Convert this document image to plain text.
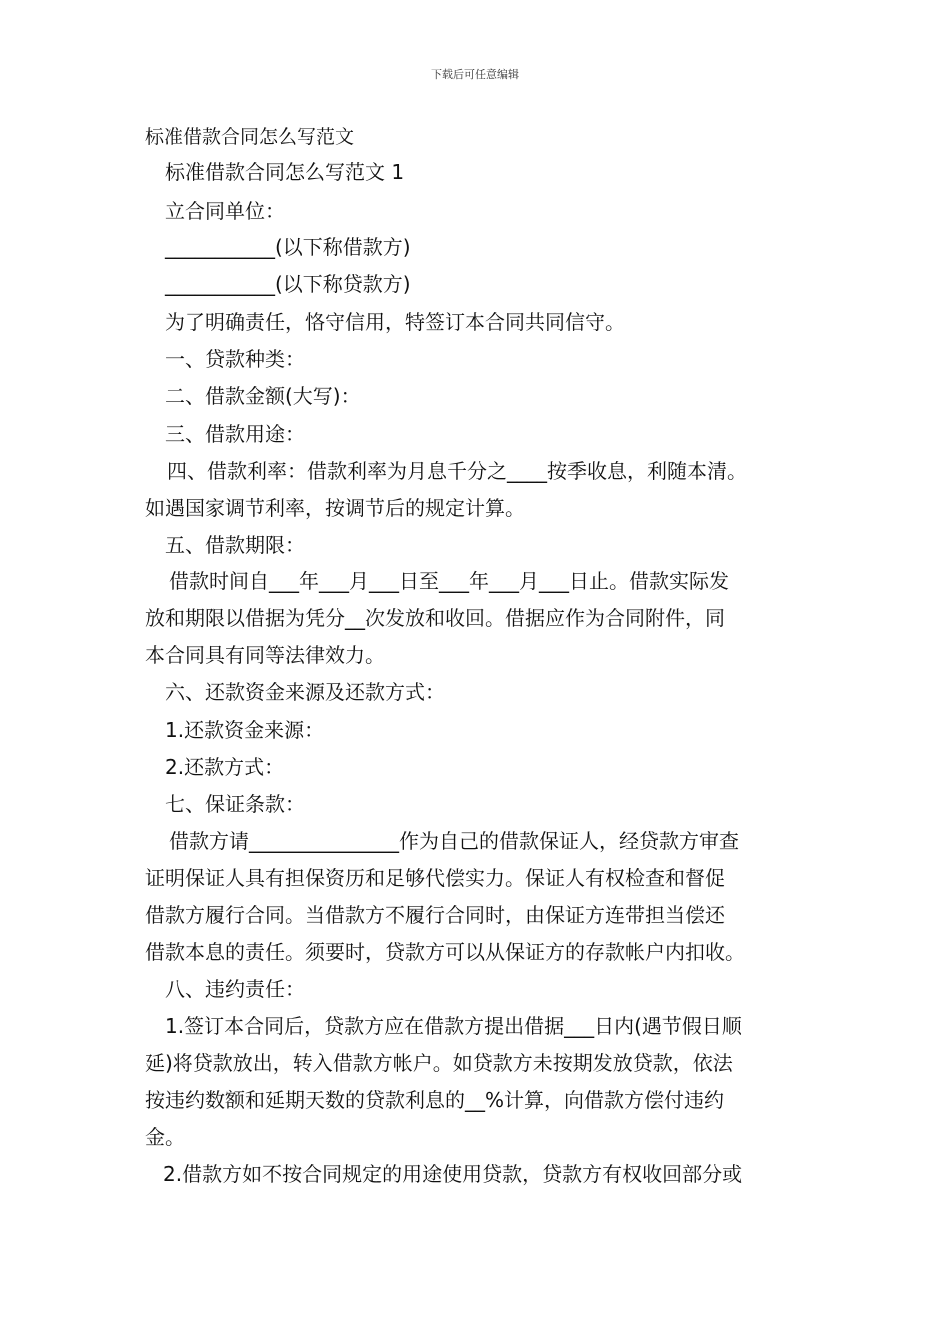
下载后可任意编辑
标准借款合同怎么写范文
标准借款合同怎么写范文 1
立合同单位：
___________(以下称借款方)
___________(以下称贷款方)
为了明确责任，恪守信用，特签订本合同共同信守。
一、贷款种类：
二、借款金额(大写)：
三、借款用途：
四、借款利率：借款利率为月息千分之____按季收息，利随本清。
如遇国家调节利率，按调节后的规定计算。
五、借款期限：
借款时间自___年___月___日至___年___月___日止。借款实际发
放和期限以借据为凭分__次发放和收回。借据应作为合同附件，同
本合同具有同等法律效力。
六、还款资金来源及还款方式：
1.还款资金来源：
2.还款方式：
七、保证条款：
借款方请_______________作为自己的借款保证人，经贷款方审查
证明保证人具有担保资历和足够代偿实力。保证人有权检查和督促
借款方履行合同。当借款方不履行合同时，由保证方连带担当偿还
借款本息的责任。须要时，贷款方可以从保证方的存款帐户内扣收。
八、违约责任：
1.签订本合同后，贷款方应在借款方提出借据___日内(遇节假日顺
延)将贷款放出，转入借款方帐户。如贷款方未按期发放贷款，依法
按违约数额和延期天数的贷款利息的__%计算，向借款方偿付违约
金。
2.借款方如不按合同规定的用途使用贷款，贷款方有权收回部分或
